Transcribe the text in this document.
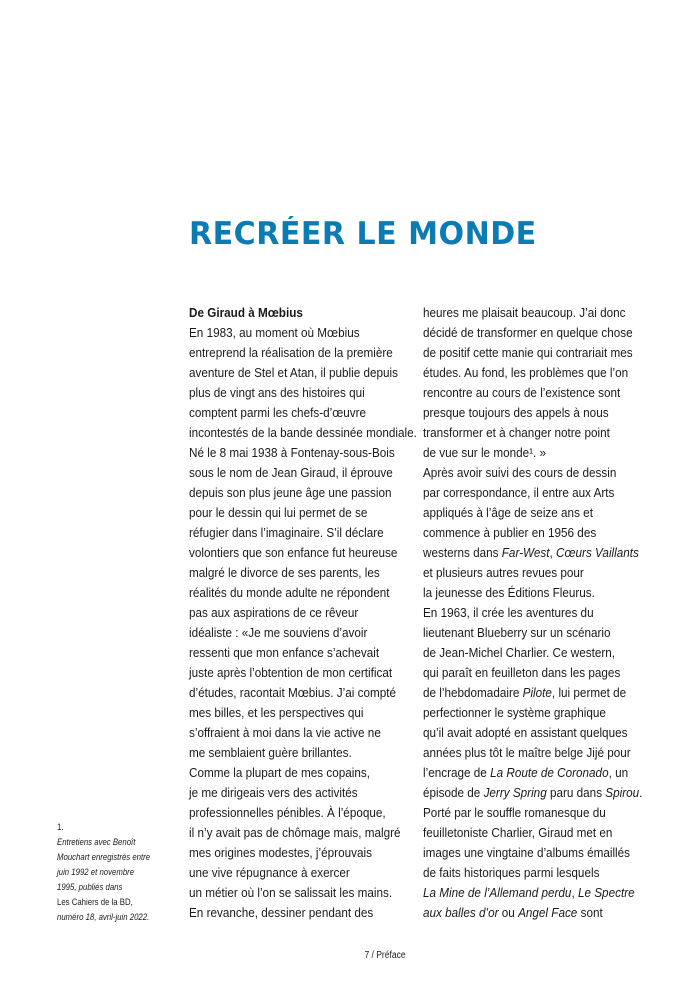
RECRÉER LE MONDE
De Giraud à Mœbius
En 1983, au moment où Mœbius
entreprend la réalisation de la première
aventure de Stel et Atan, il publie depuis
plus de vingt ans des histoires qui
comptent parmi les chefs-d’œuvre
incontestés de la bande dessinée mondiale.
Né le 8 mai 1938 à Fontenay-sous-Bois
sous le nom de Jean Giraud, il éprouve
depuis son plus jeune âge une passion
pour le dessin qui lui permet de se
réfugier dans l’imaginaire. S’il déclare
volontiers que son enfance fut heureuse
malgré le divorce de ses parents, les
réalités du monde adulte ne répondent
pas aux aspirations de ce rêveur
idéaliste : «Je me souviens d’avoir
ressenti que mon enfance s’achevait
juste après l’obtention de mon certificat
d’études, racontait Mœbius. J’ai compté
mes billes, et les perspectives qui
s’offraient à moi dans la vie active ne
me semblaient guère brillantes.
Comme la plupart de mes copains,
je me dirigeais vers des activités
professionnelles pénibles. À l’époque,
il n’y avait pas de chômage mais, malgré
mes origines modestes, j’éprouvais
une vive répugnance à exercer
un métier où l’on se salissait les mains.
En revanche, dessiner pendant des
heures me plaisait beaucoup. J’ai donc
décidé de transformer en quelque chose
de positif cette manie qui contrariait mes
études. Au fond, les problèmes que l’on
rencontre au cours de l’existence sont
presque toujours des appels à nous
transformer et à changer notre point
de vue sur le monde¹. »
Après avoir suivi des cours de dessin
par correspondance, il entre aux Arts
appliqués à l’âge de seize ans et
commence à publier en 1956 des
westerns dans Far-West, Cœurs Vaillants
et plusieurs autres revues pour
la jeunesse des Éditions Fleurus.
En 1963, il crée les aventures du
lieutenant Blueberry sur un scénario
de Jean-Michel Charlier. Ce western,
qui paraît en feuilleton dans les pages
de l’hebdomadaire Pilote, lui permet de
perfectionner le système graphique
qu’il avait adopté en assistant quelques
années plus tôt le maître belge Jijé pour
l’encrage de La Route de Coronado, un
épisode de Jerry Spring paru dans Spirou.
Porté par le souffle romanesque du
feuilletoniste Charlier, Giraud met en
images une vingtaine d’albums émaillés
de faits historiques parmi lesquels
La Mine de l’Allemand perdu, Le Spectre
aux balles d’or ou Angel Face sont
1.
Entretiens avec Benoît
Mouchart enregistrés entre
juin 1992 et novembre
1995, publiés dans
Les Cahiers de la BD,
numéro 18, avril-juin 2022.
7 / Préface
